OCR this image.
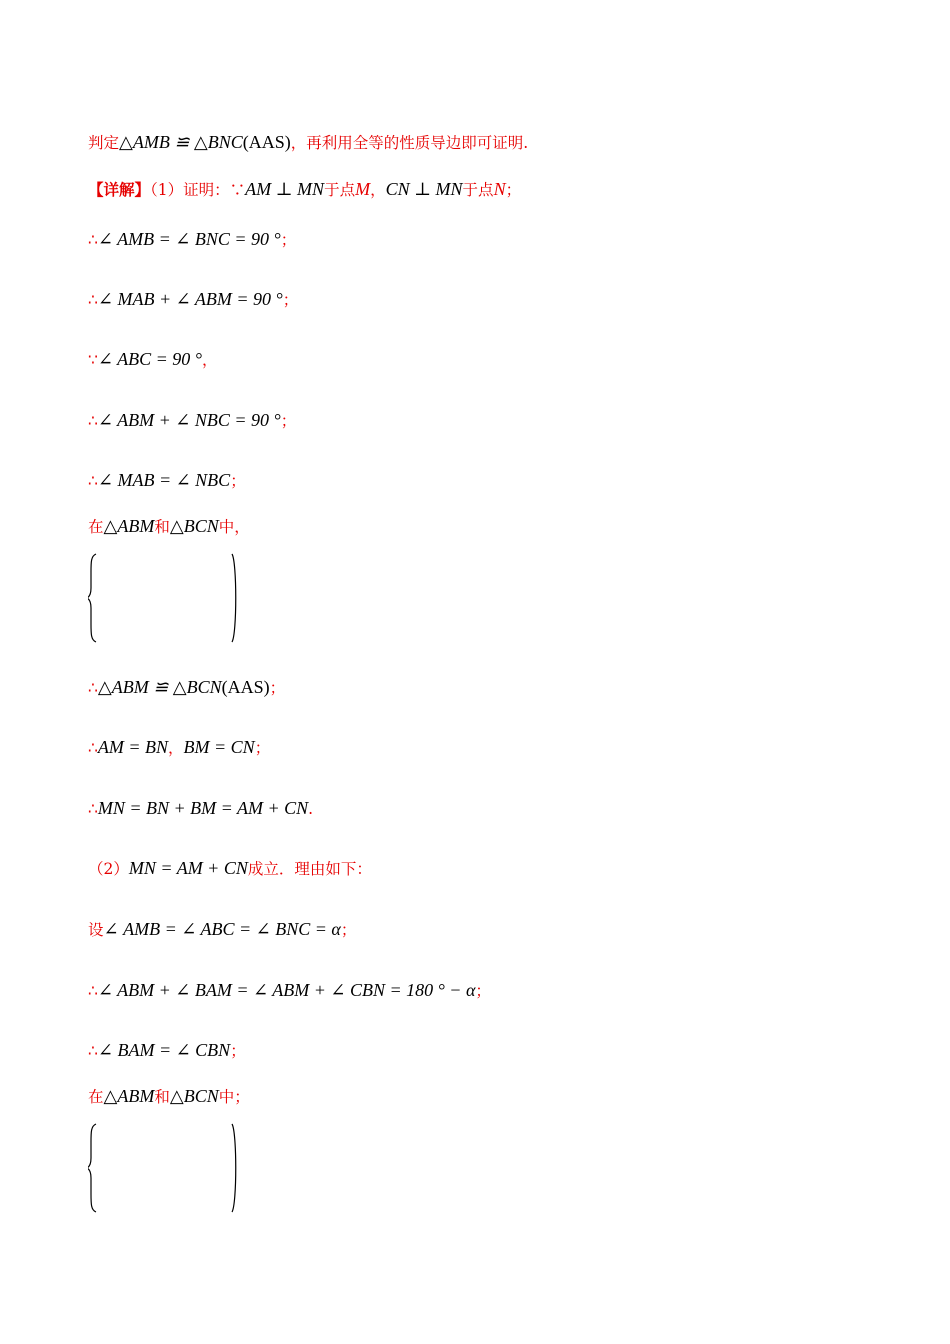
判定△AMB ≌ △BNC(AAS)，再利用全等的性质导边即可证明.
【详解】（1）证明：∵AM ⊥ MN于点M，CN ⊥ MN于点N；
∴∠ AMB = ∠ BNC = 90 °；
∴∠ MAB + ∠ ABM = 90 °；
∵∠ ABC = 90 °，
∴∠ ABM + ∠ NBC = 90 °；
∴∠ MAB = ∠ NBC；
在△ABM和△BCN中，
∴△ABM ≌ △BCN(AAS)；
∴AM = BN，BM = CN；
∴MN = BN + BM = AM + CN.
（2）MN = AM + CN成立．理由如下：
设∠ AMB = ∠ ABC = ∠ BNC = α；
∴∠ ABM + ∠ BAM = ∠ ABM + ∠ CBN = 180 ° − α；
∴∠ BAM = ∠ CBN；
在△ABM和△BCN中；
